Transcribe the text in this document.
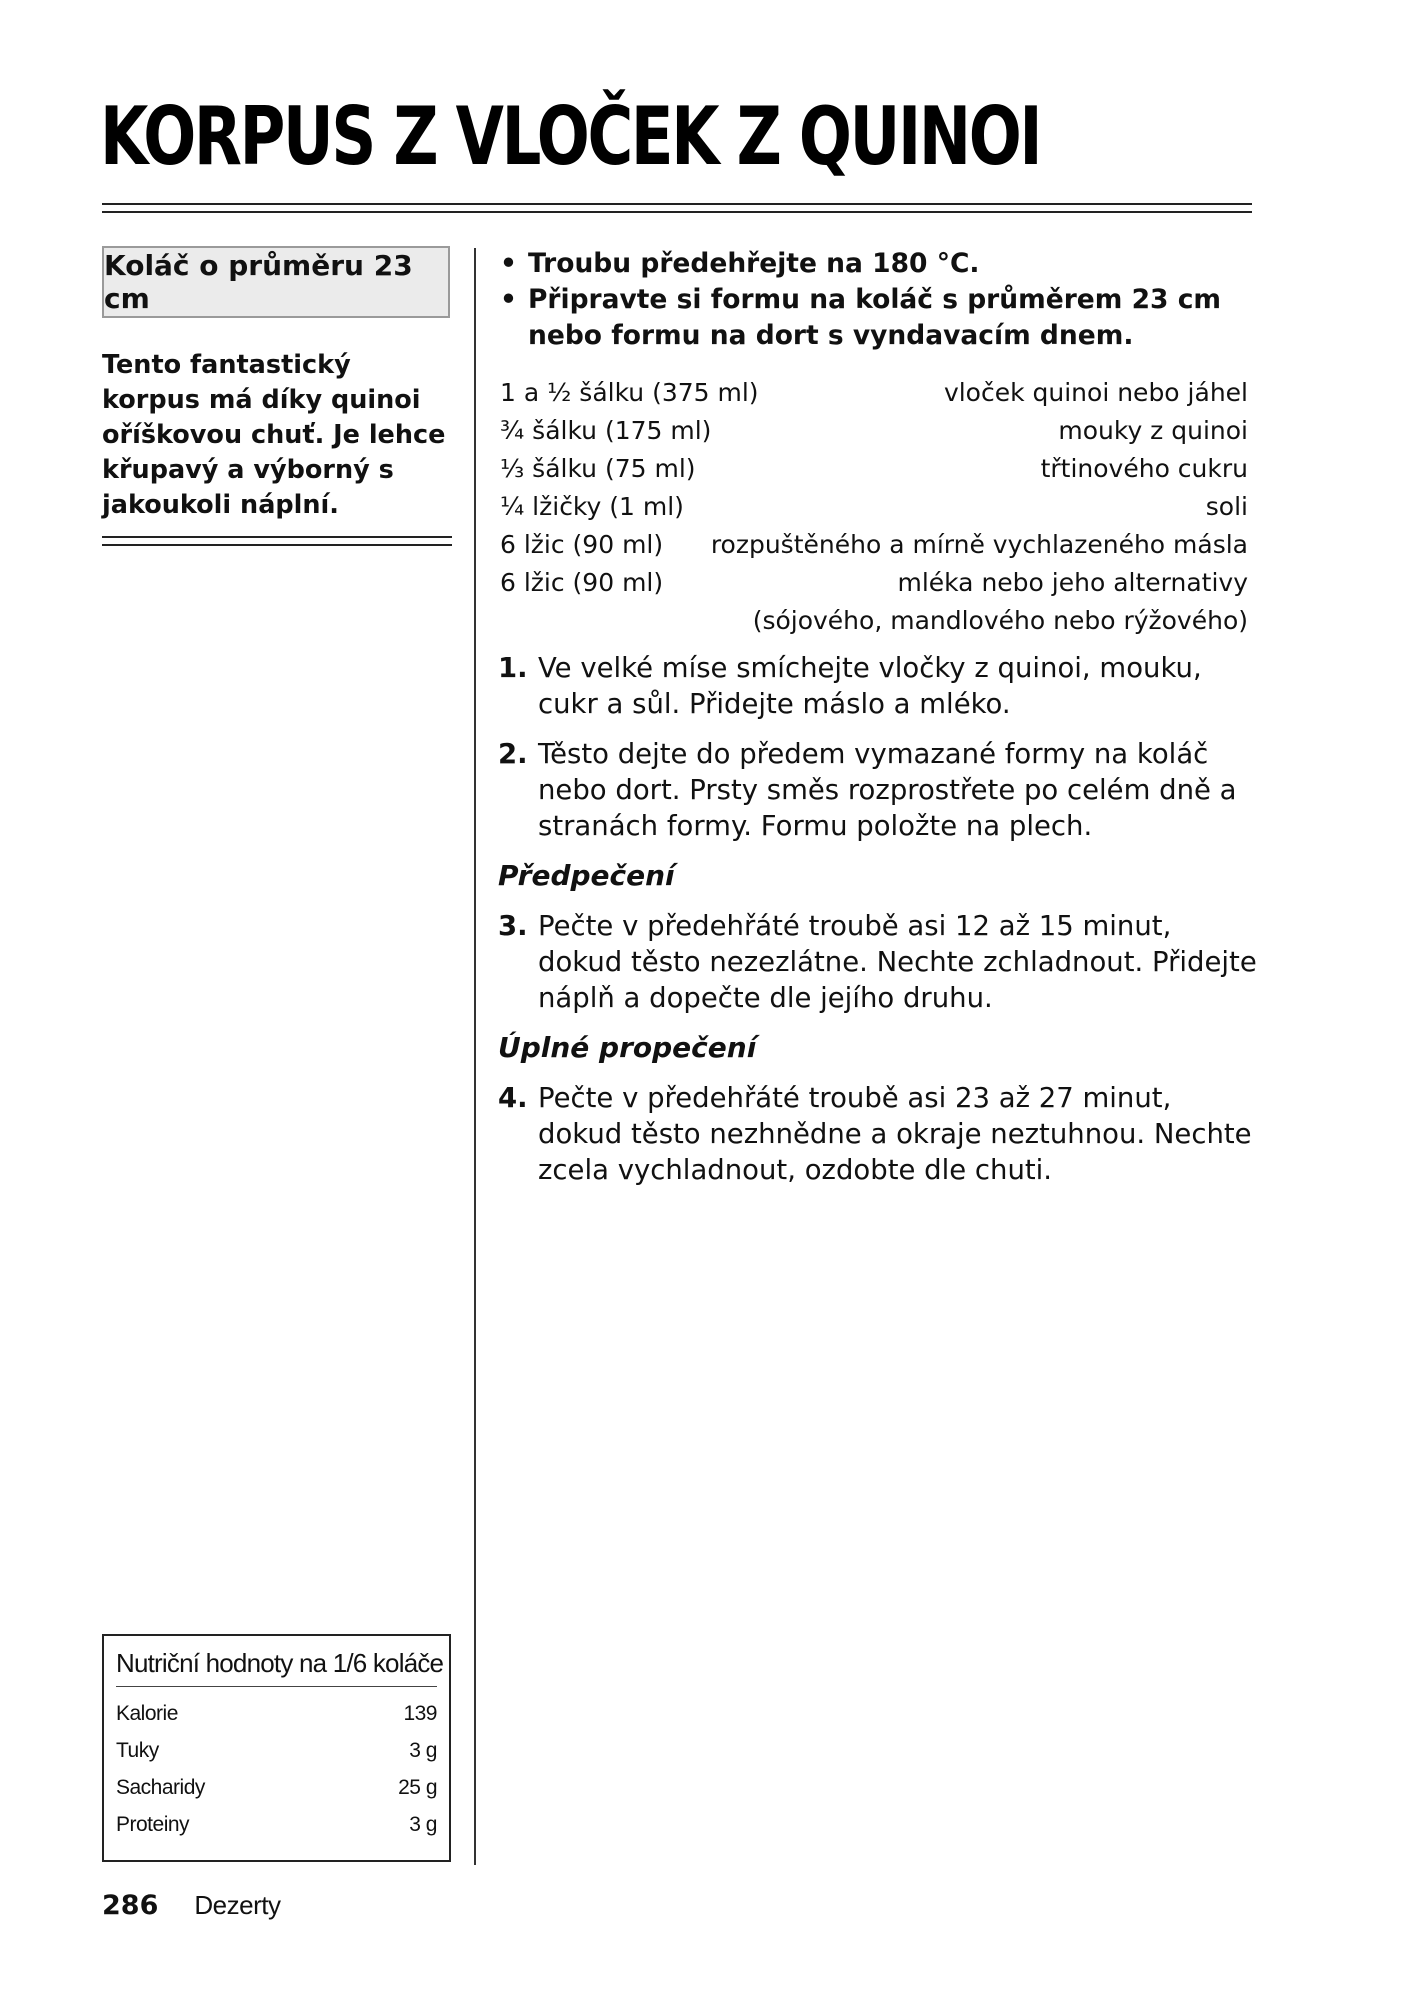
KORPUS Z VLOČEK Z QUINOI
Koláč o průměru 23 cm
Tento fantastický korpus má díky quinoi oříškovou chuť. Je lehce křupavý a výborný s jakoukoli náplní.
• Troubu předehřejte na 180 °C.
• Připravte si formu na koláč s průměrem 23 cm nebo formu na dort s vyndavacím dnem.
1 a ½ šálku (375 ml)	vloček quinoi nebo jáhel
¾ šálku (175 ml)	mouky z quinoi
⅓ šálku (75 ml)	třtinového cukru
¼ lžičky (1 ml)	soli
6 lžic (90 ml) rozpuštěného a mírně vychlazeného másla
6 lžic (90 ml)	mléka nebo jeho alternativy
(sójového, mandlového nebo rýžového)
1. Ve velké míse smíchejte vločky z quinoi, mouku, cukr a sůl. Přidejte máslo a mléko.
2. Těsto dejte do předem vymazané formy na koláč nebo dort. Prsty směs rozprostřete po celém dně a stranách formy. Formu položte na plech.
Předpečení
3. Pečte v předehřáté troubě asi 12 až 15 minut, dokud těsto nezezlátne. Nechte zchladnout. Přidejte náplň a dopečte dle jejího druhu.
Úplné propečení
4. Pečte v předehřáté troubě asi 23 až 27 minut, dokud těsto nezhnědne a okraje neztuhnou. Nechte zcela vychladnout, ozdobte dle chuti.
Nutriční hodnoty na 1/6 koláče
Kalorie	139
Tuky	3 g
Sacharidy	25 g
Proteiny	3 g
286 Dezerty
